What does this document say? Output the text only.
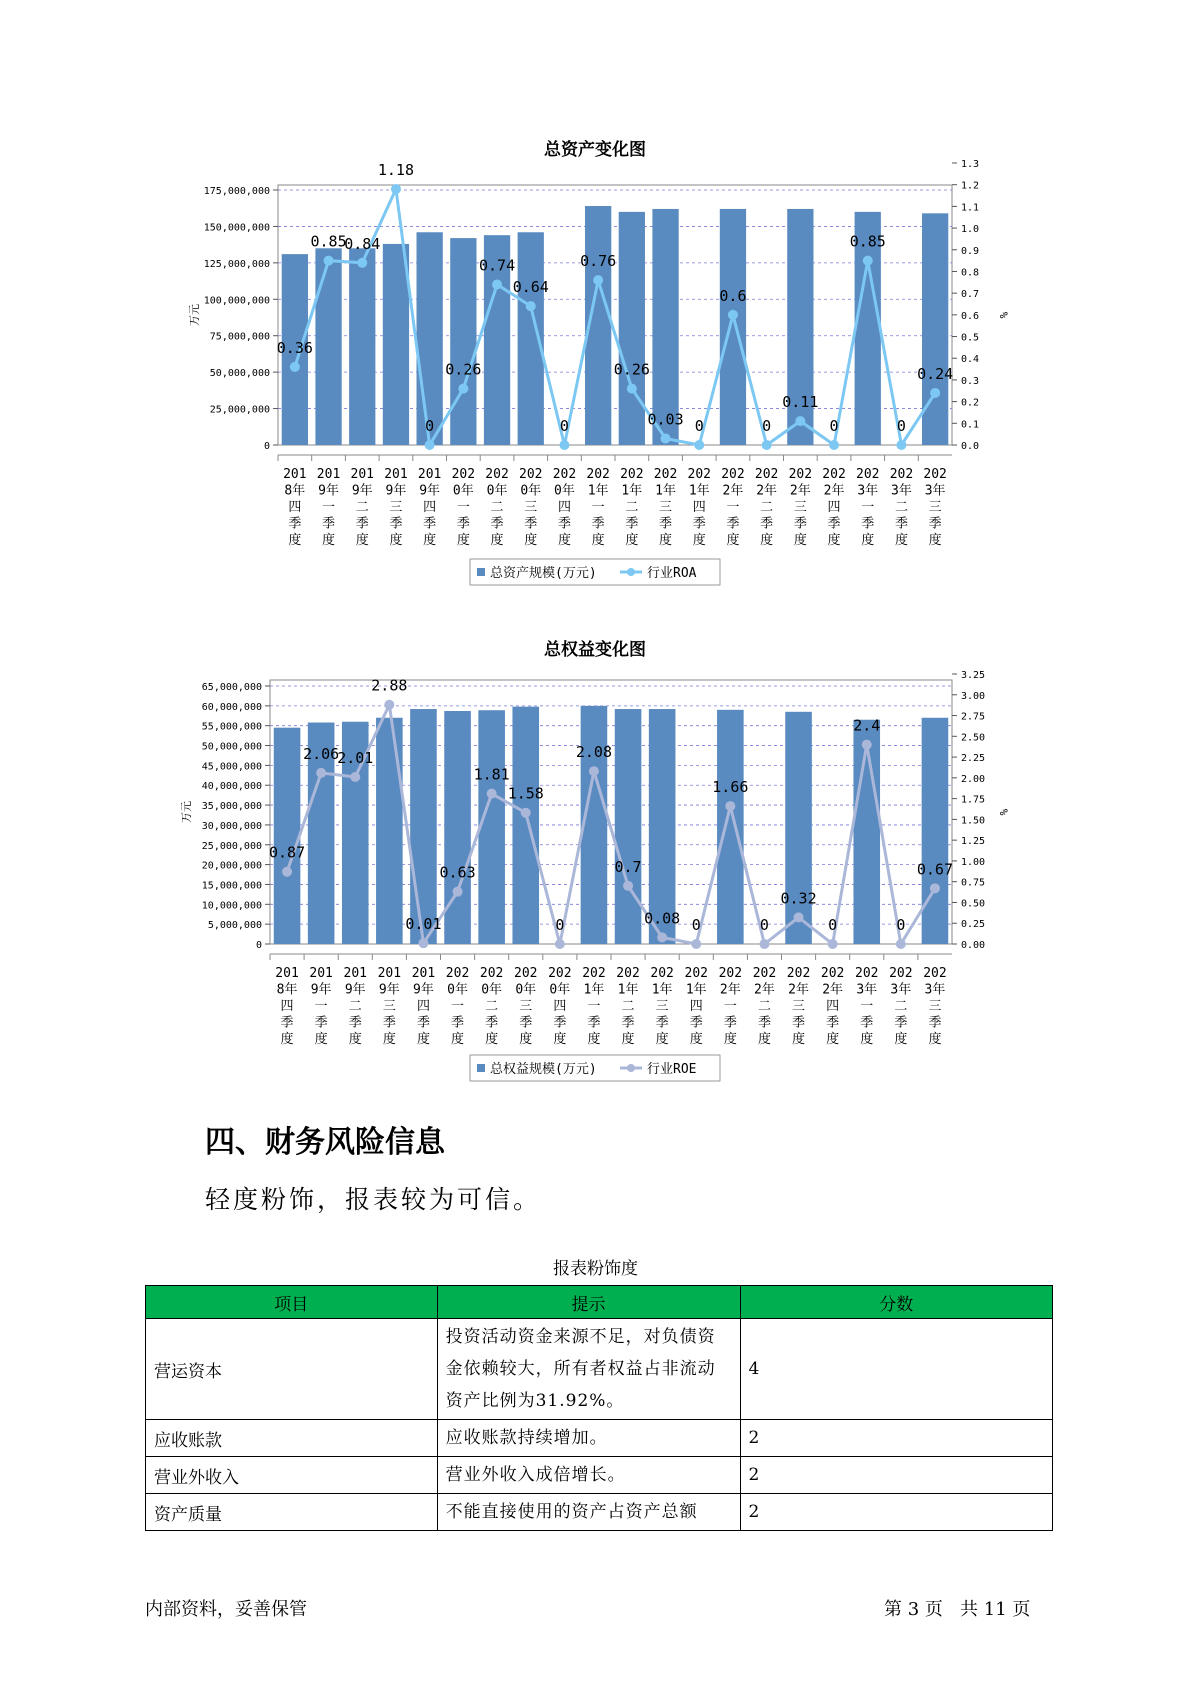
总资产变化图
0
25,000,000
50,000,000
75,000,000
100,000,000
125,000,000
150,000,000
175,000,000
0.0
0.1
0.2
0.3
0.4
0.5
0.6
0.7
0.8
0.9
1.0
1.1
1.2
1.3
万元	%
0.36
0.85
0.84
1.18
0
0.26
0.74
0.64
0
0.76
0.26
0.03 0
0.6
0
0.11
0
0.85
0
0.24
201
8年
四
季
度
201
9年
一
季
度
201
9年
二
季
度
201
9年
三
季
度
201
9年
四
季
度
202
0年
一
季
度
202
0年
二
季
度
202
0年
三
季
度
202
0年
四
季
度
202
1年
一
季
度
202
1年
二
季
度
202
1年
三
季
度
202
1年
四
季
度
202
2年
一
季
度
202
2年
二
季
度
202
2年
三
季
度
202
2年
四
季
度
202
3年
一
季
度
202
3年
二
季
度
202
3年
三
季
度
总资产规模(万元)	行业ROA
总权益变化图
0
5,000,000
10,000,000
15,000,000
20,000,000
25,000,000
30,000,000
35,000,000
40,000,000
45,000,000
50,000,000
55,000,000
60,000,000
65,000,000
0.00
0.25
0.50
0.75
1.00
1.25
1.50
1.75
2.00
2.25
2.50
2.75
3.00
3.25
万元	%
0.87
2.06
2.01
2.88
0.01
0.63
1.81
1.58
0
2.08
0.7
0.08 0
1.66
0
0.32
0
2.4
0
0.67
201
8年
四
季
度
201
9年
一
季
度
201
9年
二
季
度
201
9年
三
季
度
201
9年
四
季
度
202
0年
一
季
度
202
0年
二
季
度
202
0年
三
季
度
202
0年
四
季
度
202
1年
一
季
度
202
1年
二
季
度
202
1年
三
季
度
202
1年
四
季
度
202
2年
一
季
度
202
2年
二
季
度
202
2年
三
季
度
202
2年
四
季
度
202
3年
一
季
度
202
3年
二
季
度
202
3年
三
季
度
总权益规模(万元)	行业ROE
四、财务风险信息

轻度粉饰，报表较为可信。

报表粉饰度
项目	提示	分数
营运资本	投资活动资金来源不足，对负债资金依赖较大，所有者权益占非流动资产比例为31.92%。	4
应收账款	应收账款持续增加。	2
营业外收入	营业外收入成倍增长。	2
资产质量	不能直接使用的资产占资产总额	2
内部资料，妥善保管	第 3 页   共 11 页
